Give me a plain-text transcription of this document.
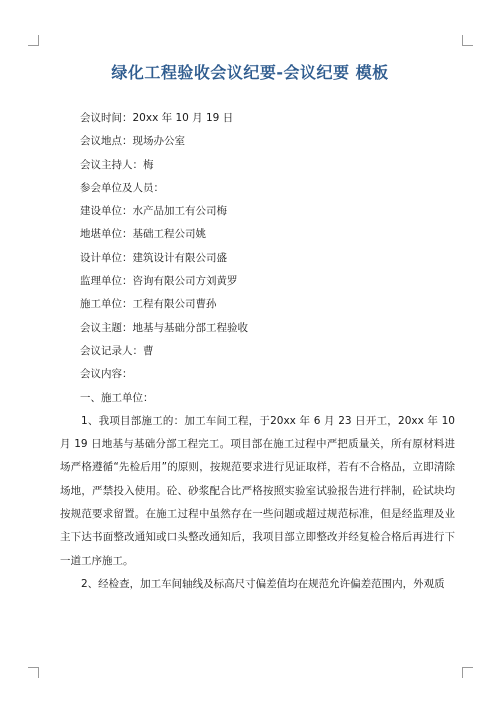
绿化工程验收会议纪要-会议纪要 模板
会议时间：20xx 年 10 月 19 日
会议地点：现场办公室
会议主持人：梅
参会单位及人员：
建设单位：水产品加工有公司梅
地堪单位：基础工程公司姚
设计单位：建筑设计有限公司盛
监理单位：咨询有限公司方刘黄罗
施工单位：工程有限公司曹孙
会议主题：地基与基础分部工程验收
会议记录人：曹
会议内容：
一、施工单位：

1、我项目部施工的：加工车间工程，于20xx 年 6 月 23 日开工，20xx 年 10 月 19 日地基与基础分部工程完工。项目部在施工过程中严把质量关，所有原材料进场严格遵循“先检后用”的原则，按规范要求进行见证取样，若有不合格品，立即清除场地，严禁投入使用。砼、砂浆配合比严格按照实验室试验报告进行拌制，砼试块均按规范要求留置。在施工过程中虽然存在一些问题或超过规范标准，但是经监理及业主下达书面整改通知或口头整改通知后，我项目部立即整改并经复检合格后再进行下一道工序施工。

2、经检查，加工车间轴线及标高尺寸偏差值均在规范允许偏差范围内，外观质
